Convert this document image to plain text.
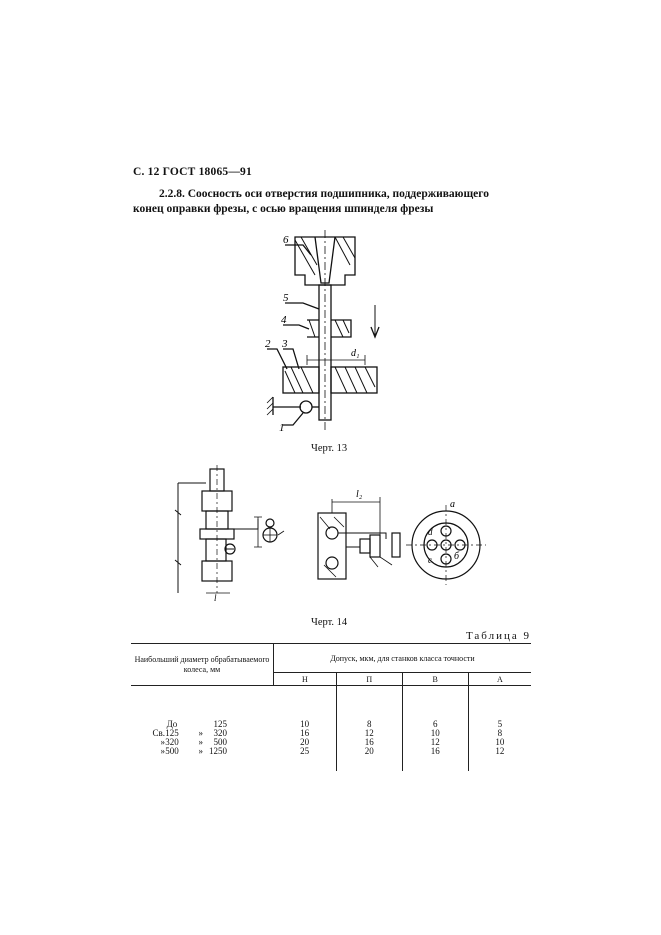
С. 12 ГОСТ 18065—91
2.2.8. Соосность оси отверстия подшипника, поддерживающего
конец оправки фрезы, с осью вращения шпинделя фрезы
6
5
4
2 3
1
d₁
Черт. 13
l₂
a
б
с
d
l
Черт. 14
Таблица 9
Наибольший диаметр обрабатываемого колеса, мм	Допуск, мкм, для станков класса точности			
	Н	П	В	А

До 125	10	8	6	5
Св.125 » 320	16	12	10	8
»320 » 500	20	16	12	10
»500 » 1250	25	20	16	12
